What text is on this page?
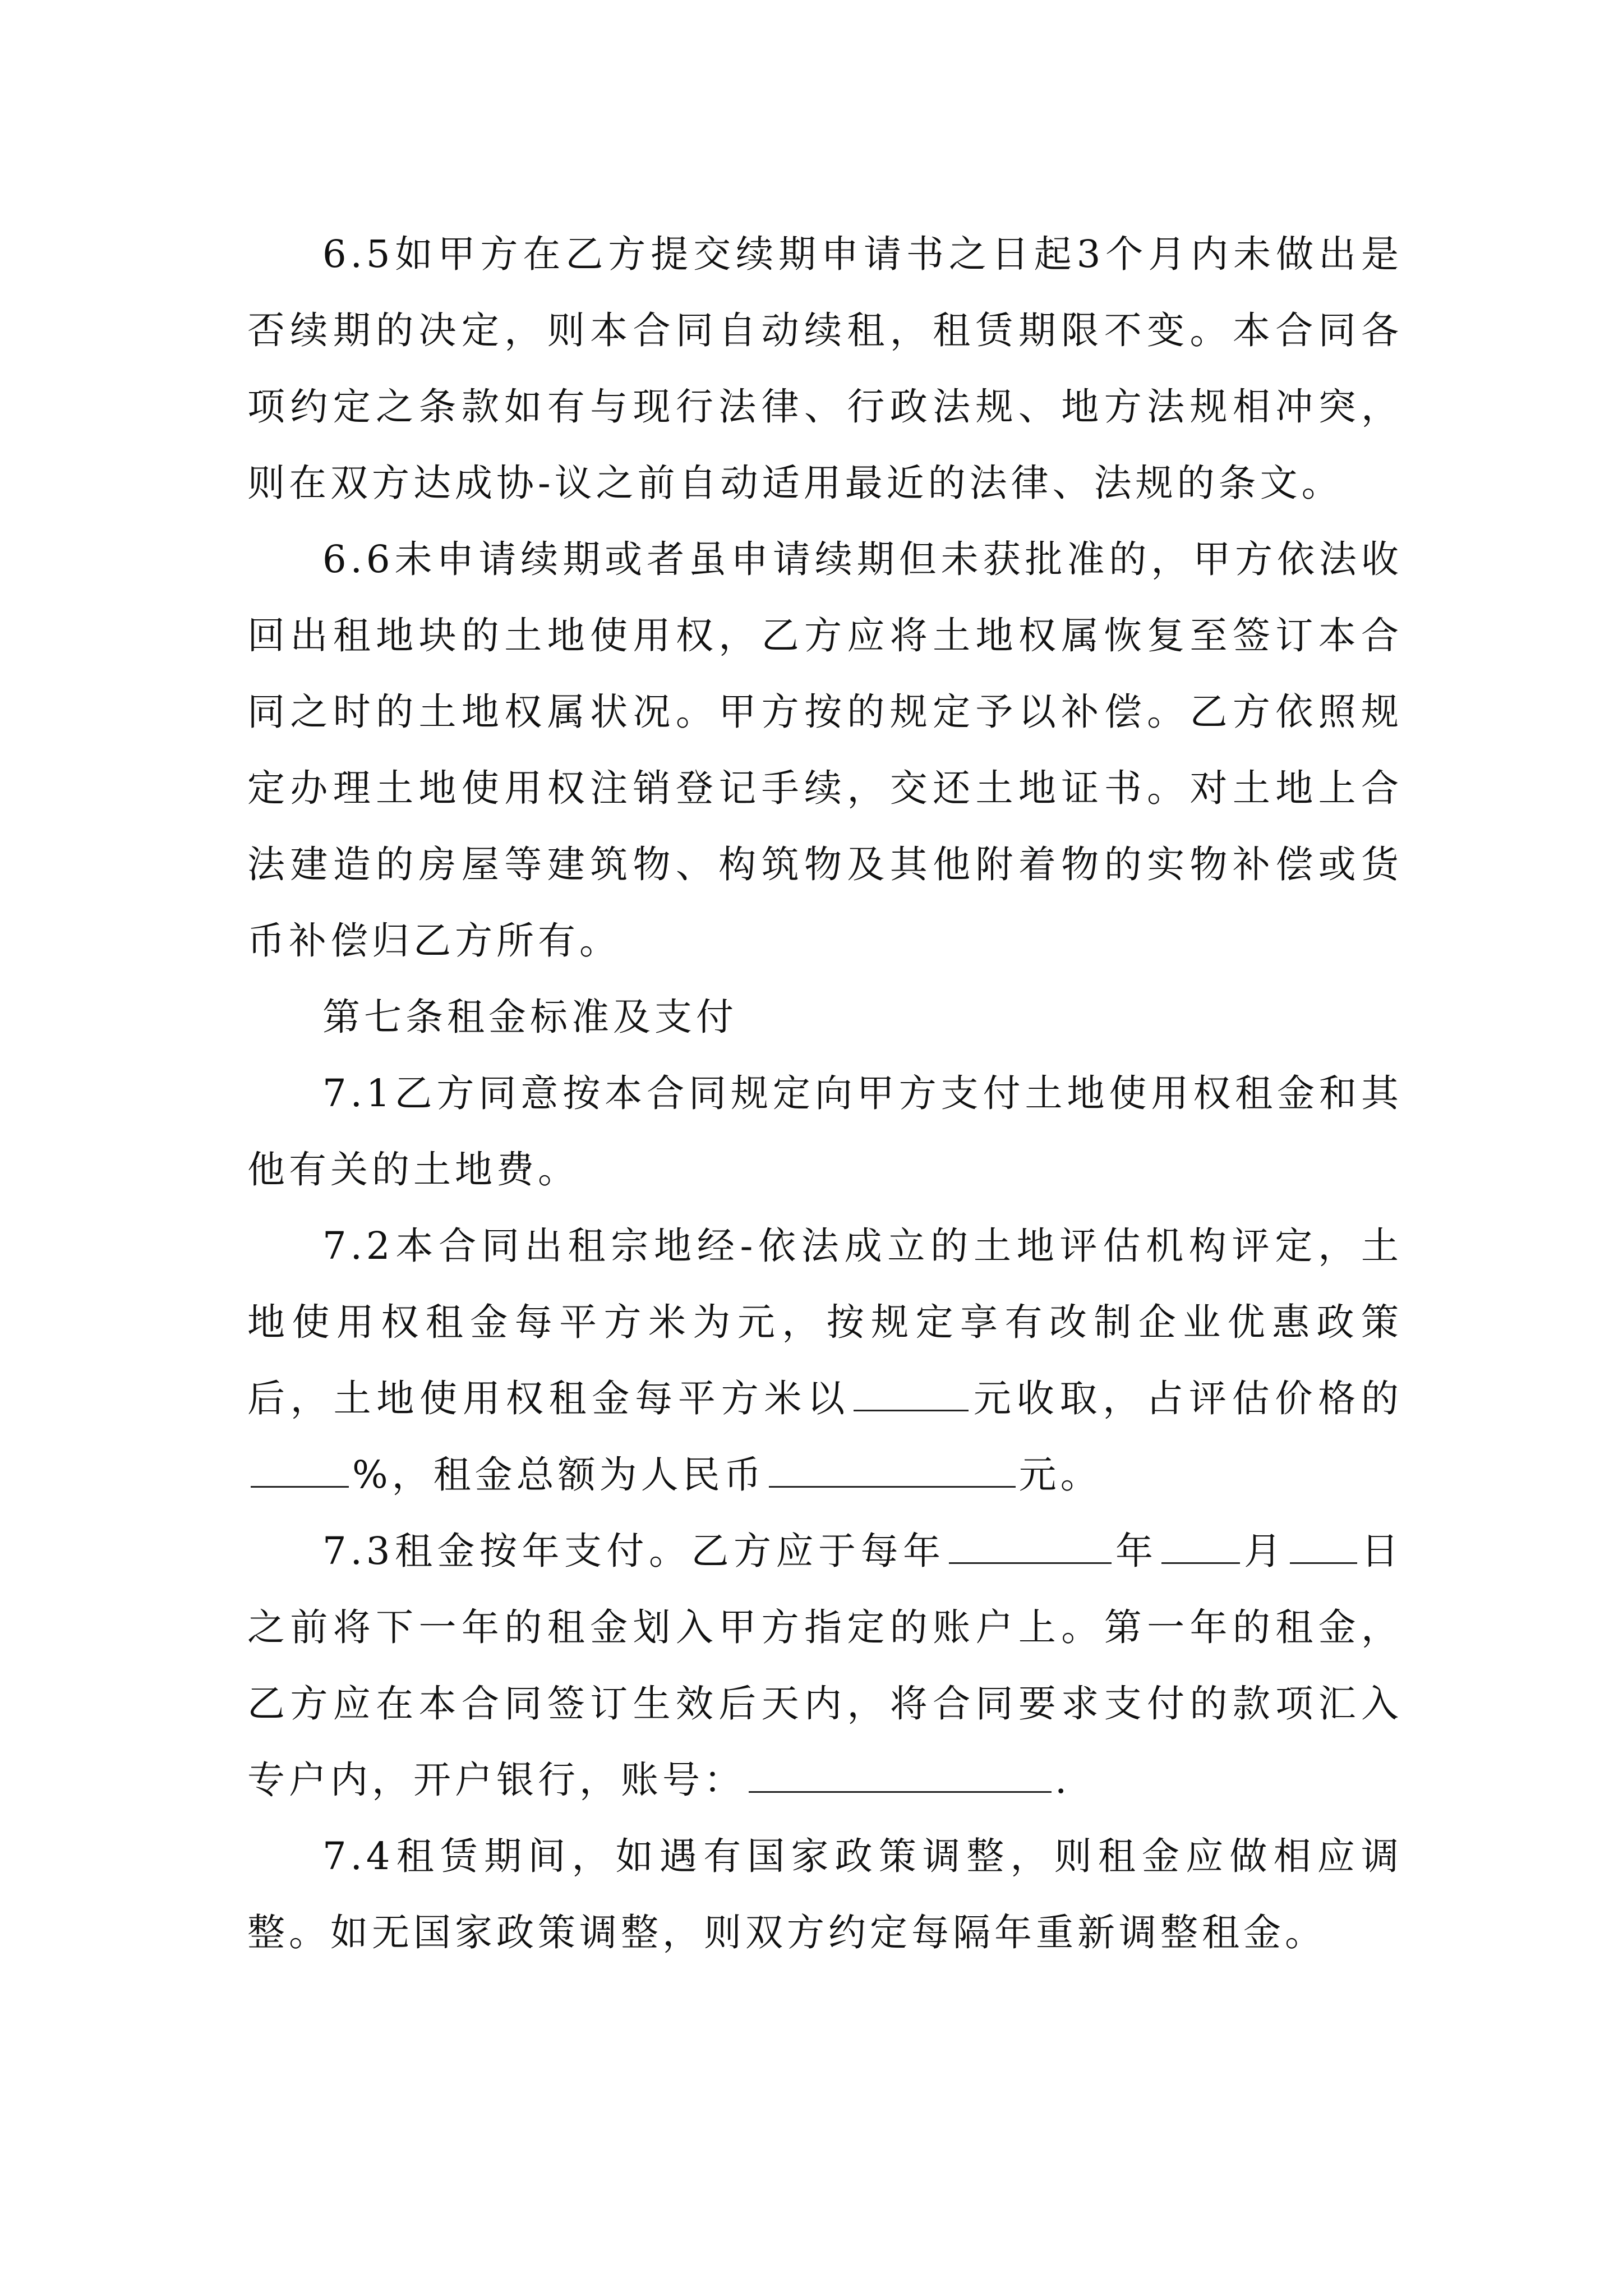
6.5如甲方在乙方提交续期申请书之日起3个月内未做出是否续期的决定，则本合同自动续租，租赁期限不变。本合同各项约定之条款如有与现行法律、行政法规、地方法规相冲突，则在双方达成协-议之前自动适用最近的法律、法规的条文。

6.6未申请续期或者虽申请续期但未获批准的，甲方依法收回出租地块的土地使用权，乙方应将土地权属恢复至签订本合同之时的土地权属状况。甲方按的规定予以补偿。乙方依照规定办理土地使用权注销登记手续，交还土地证书。对土地上合法建造的房屋等建筑物、构筑物及其他附着物的实物补偿或货币补偿归乙方所有。

第七条租金标准及支付

7.1乙方同意按本合同规定向甲方支付土地使用权租金和其他有关的土地费。

7.2本合同出租宗地经-依法成立的土地评估机构评定，土地使用权租金每平方米为元，按规定享有改制企业优惠政策后，土地使用权租金每平方米以	元收取，占评估价格的%，租金总额为人民币	元。

7.3租金按年支付。乙方应于每年	年 月 日之前将下一年的租金划入甲方指定的账户上。第一年的租金，乙方应在本合同签订生效后天内，将合同要求支付的款项汇入专户内，开户银行，账号：	.

7.4租赁期间，如遇有国家政策调整，则租金应做相应调整。如无国家政策调整，则双方约定每隔年重新调整租金。
